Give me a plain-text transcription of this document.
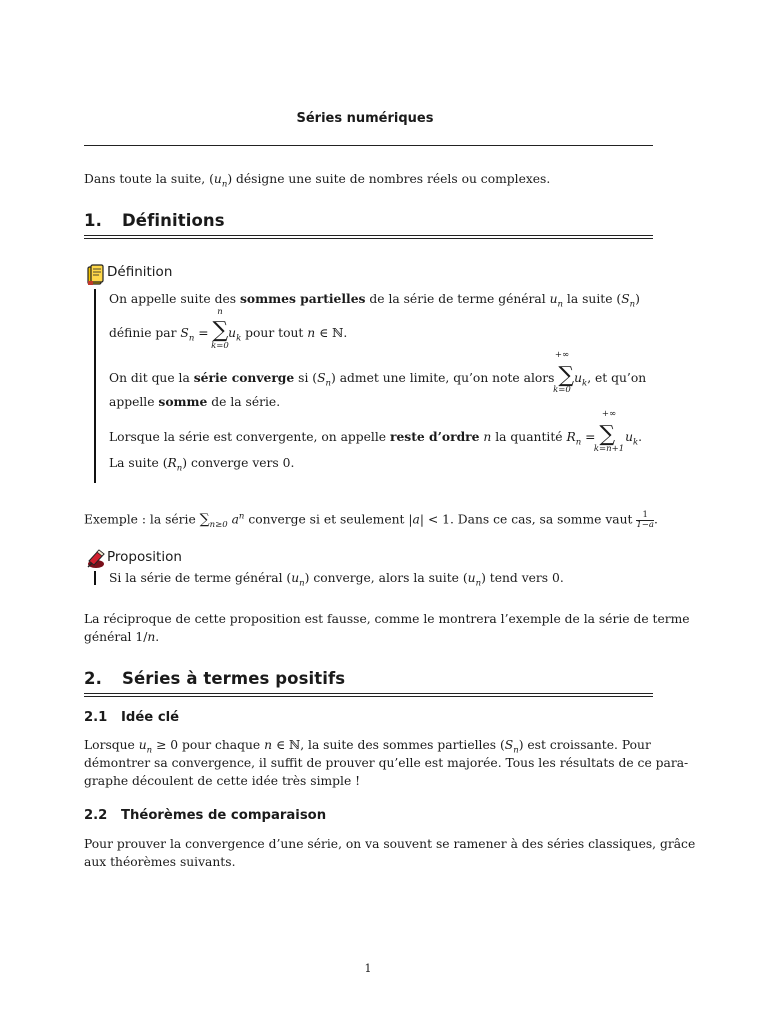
Séries numériques
Dans toute la suite, $(u_n)$ désigne une suite de nombres réels ou complexes.
1. Définitions
Définition
On appelle suite des sommes partielles de la série de terme général $u_n$ la suite $(S_n)$
définie par $S_n = \sum u_k$ pour tout n ∈ ℕ.
n
k=0
On dit que la série converge si $(S_n)$ admet une limite, qu’on note alors $\sum u_k$, et qu’on
+∞
k=0
appelle somme de la série.
Lorsque la série est convergente, on appelle reste d’ordre n la quantité $R_n$ = ∑ $u_k$.
+∞
k=n+1
La suite $(R_n)$ converge vers 0.
Exemple : la série $\sum_{n\ge 0}$ $a^n$ converge si et seulement |a| < 1. Dans ce cas, sa somme vaut $\frac{1}{1-a}$ .
Proposition
Si la série de terme général $(u_n)$ converge, alors la suite $(u_n)$ tend vers 0.
La réciproque de cette proposition est fausse, comme le montrera l’exemple de la série de terme
général 1/n.
2. Séries à termes positifs
2.1 Idée clé
Lorsque $u_n \ge 0$ pour chaque n ∈ ℕ, la suite des sommes partielles $(S_n)$ est croissante. Pour
démontrer sa convergence, il suffit de prouver qu’elle est majorée. Tous les résultats de ce para-
graphe découlent de cette idée très simple !
2.2 Théorèmes de comparaison
Pour prouver la convergence d’une série, on va souvent se ramener à des séries classiques, grâce
aux théorèmes suivants.
1
